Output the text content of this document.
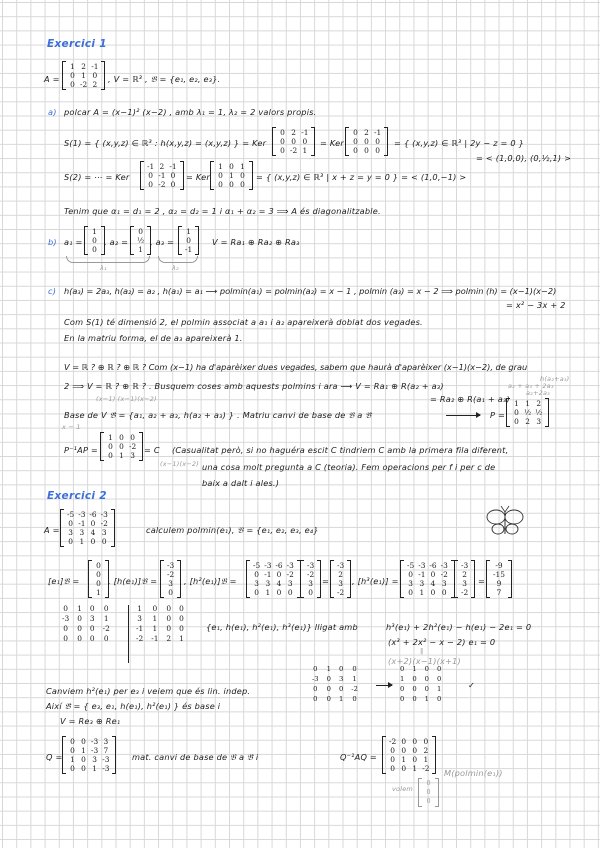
Exercici 1
A =
1	2	-1
0	1	0
0	-2	2
, V = ℝ³ , 𝔅 = {e₁, e₂, e₃}.
a) polcar A = (x−1)² (x−2) , amb λ₁ = 1, λ₂ = 2 valors propis.
S(1) = { (x,y,z) ∈ ℝ³ : h(x,y,z) = (x,y,z) } = Ker
0	2	-1
0	0	0
0	-2	1
= Ker
0	2	-1
0	0	0
0	0	0
= { (x,y,z) ∈ ℝ³ | 2y − z = 0 }
= < (1,0,0), (0,½,1) >
S(2) = ⋯ = Ker
-1	2	-1
0	-1	0
0	-2	0
= Ker
1	0	1
0	1	0
0	0	0
= { (x,y,z) ∈ ℝ³ | x + z = y = 0 } = < (1,0,−1) >
Tenim que α₁ = d₁ = 2 , α₂ = d₂ = 1 i α₁ + α₂ = 3 ⟹ A és diagonalitzable.
b) a₁ =
1
0
0
, a₂ =
0
½
1
, a₃ =
1
0
-1
V = Ra₁ ⊕ Ra₂ ⊕ Ra₃
λ₁	λ₂
c) h(a₃) = 2a₃, h(a₂) = a₂ , h(a₁) = a₁ ⟶ polmin(a₁) = polmin(a₂) = x − 1 , polmin (a₃) = x − 2 ⟹ polmin (h) = (x−1)(x−2)
= x² − 3x + 2
Com S(1) té dimensió 2, el polmin associat a a₁ i a₂ apareixerà doblat dos vegades.
En la matriu forma, el de a₃ apareixerà 1.
V = ℝ ? ⊕ ℝ ? ⊕ ℝ ? Com (x−1) ha d'aparèixer dues vegades, sabem que haurà d'aparèixer (x−1)(x−2), de grau
2 ⟹ V = ℝ ? ⊕ ℝ ? . Busquem coses amb aquests polmins i ara ⟶ V = Ra₁ ⊕ R(a₂ + a₃)
= Ra₂ ⊕ R(a₁ + a₃)
(x−1) (x−1)(x−2)
h(a₂+a₃)
a₂ + a₃ + 2a₃
a₂+2a₃
Base de V 𝔅̄ = {a₁, a₂ + a₃, h(a₂ + a₃) } . Matriu canvi de base de 𝔅 a 𝔅̄	P =
1	1	2
0	½	½
0	2	3
x − 1
P⁻¹AP =
1	0	0
0	0	-2
0	1	3
= C
(x−1)(x−2)
(Casualitat però, si no haguéra escit C tindriem C amb la primera fila diferent,
una cosa molt pregunta a C (teoria). Fem operacions per f i per c de
baix a dalt i ales.)
Exercici 2
A =
-5	-3	-6	-3
0	-1	0	-2
3	3	4	3
0	1	0	0
calculem polmin(e₁), 𝔅 = {e₁, e₂, e₃, e₄}
[e₁]𝔅 =
0
0
0
1
, [h(e₁)]𝔅 =
-3
-2
3
0
, [h²(e₁)]𝔅 =
-5	-3	-6	-3
0	-1	0	-2
3	3	4	3
0	1	0	0
-3
-2
3
0
=
-3
2
3
-2
, [h³(e₁)] =
-5	-3	-6	-3
0	-1	0	-2
3	3	4	3
0	1	0	0
-3
2
3
-2
=
-9
-15
9
7
0	1	0	0
-3	0	3	1
0	0	0	-2
0	0	0	0
1	0	0	0
3	1	0	0
-1	1	0	0
-2	-1	2	1
{e₁, h(e₁), h²(e₁), h³(e₁)} lligat amb	h³(e₁) + 2h²(e₁) − h(e₁) − 2e₁ = 0
(x³ + 2x² − x − 2) e₁ = 0
‖
(x+2)(x−1)(x+1)
0	1	0	0
-3	0	3	1
0	0	0	-2
0	0	1	0
0	1	0	0
1	0	0	0
0	0	0	1
0	0	1	0
✓
Canviem h²(e₁) per e₃ i veiem que és lin. indep.
Així 𝔅̄ = { e₃, e₁, h(e₁), h²(e₁) } és base i
V = Re₃ ⊕ Re₁
Q =
0	0	-3	3
0	1	-3	7
1	0	3	-3
0	0	1	-3
mat. canvi de base de 𝔅 a 𝔅̄ i	Q⁻¹AQ =
-2	0	0	0
0	0	0	2
0	1	0	1
0	0	1	-2 M(polmin(e₁))
volem
0
0
0
